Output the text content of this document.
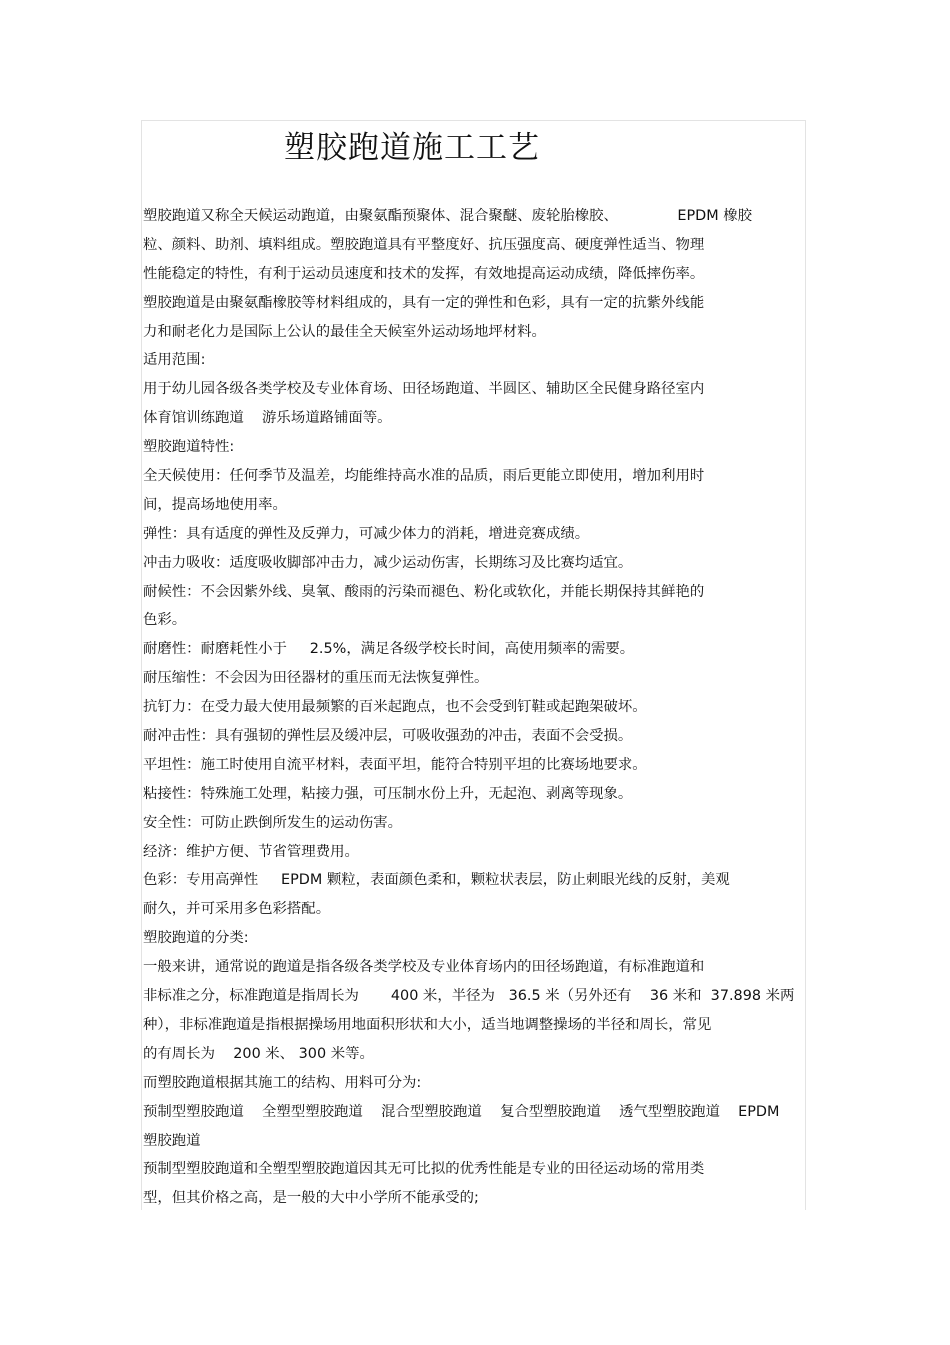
塑胶跑道施工工艺
塑胶跑道又称全天候运动跑道，由聚氨酯预聚体、混合聚醚、废轮胎橡胶、             EPDM 橡胶
粒、颜料、助剂、填料组成。塑胶跑道具有平整度好、抗压强度高、硬度弹性适当、物理
性能稳定的特性，有利于运动员速度和技术的发挥，有效地提高运动成绩，降低摔伤率。
塑胶跑道是由聚氨酯橡胶等材料组成的，具有一定的弹性和色彩，具有一定的抗紫外线能
力和耐老化力是国际上公认的最佳全天候室外运动场地坪材料。
适用范围:
用于幼儿园各级各类学校及专业体育场、田径场跑道、半圆区、辅助区全民健身路径室内
体育馆训练跑道    游乐场道路铺面等。
塑胶跑道特性:
全天候使用：任何季节及温差，均能维持高水准的品质，雨后更能立即使用，增加利用时
间，提高场地使用率。
弹性：具有适度的弹性及反弹力，可减少体力的消耗，增进竞赛成绩。
冲击力吸收：适度吸收脚部冲击力，减少运动伤害，长期练习及比赛均适宜。
耐候性：不会因紫外线、臭氧、酸雨的污染而褪色、粉化或软化，并能长期保持其鲜艳的
色彩。
耐磨性：耐磨耗性小于     2.5%，满足各级学校长时间，高使用频率的需要。
耐压缩性：不会因为田径器材的重压而无法恢复弹性。
抗钉力：在受力最大使用最频繁的百米起跑点，也不会受到钉鞋或起跑架破坏。
耐冲击性：具有强韧的弹性层及缓冲层，可吸收强劲的冲击，表面不会受损。
平坦性：施工时使用自流平材料，表面平坦，能符合特别平坦的比赛场地要求。
粘接性：特殊施工处理，粘接力强，可压制水份上升，无起泡、剥离等现象。
安全性：可防止跌倒所发生的运动伤害。
经济：维护方便、节省管理费用。
色彩：专用高弹性     EPDM 颗粒，表面颜色柔和，颗粒状表层，防止刺眼光线的反射，美观
耐久，并可采用多色彩搭配。
塑胶跑道的分类:
一般来讲，通常说的跑道是指各级各类学校及专业体育场内的田径场跑道，有标准跑道和
非标准之分，标准跑道是指周长为       400 米，半径为   36.5 米（另外还有    36 米和  37.898 米两
种），非标准跑道是指根据操场用地面积形状和大小，适当地调整操场的半径和周长，常见
的有周长为    200 米、 300 米等。
而塑胶跑道根据其施工的结构、用料可分为:
预制型塑胶跑道    全塑型塑胶跑道    混合型塑胶跑道    复合型塑胶跑道    透气型塑胶跑道    EPDM
塑胶跑道
预制型塑胶跑道和全塑型塑胶跑道因其无可比拟的优秀性能是专业的田径运动场的常用类
型，但其价格之高，是一般的大中小学所不能承受的;
